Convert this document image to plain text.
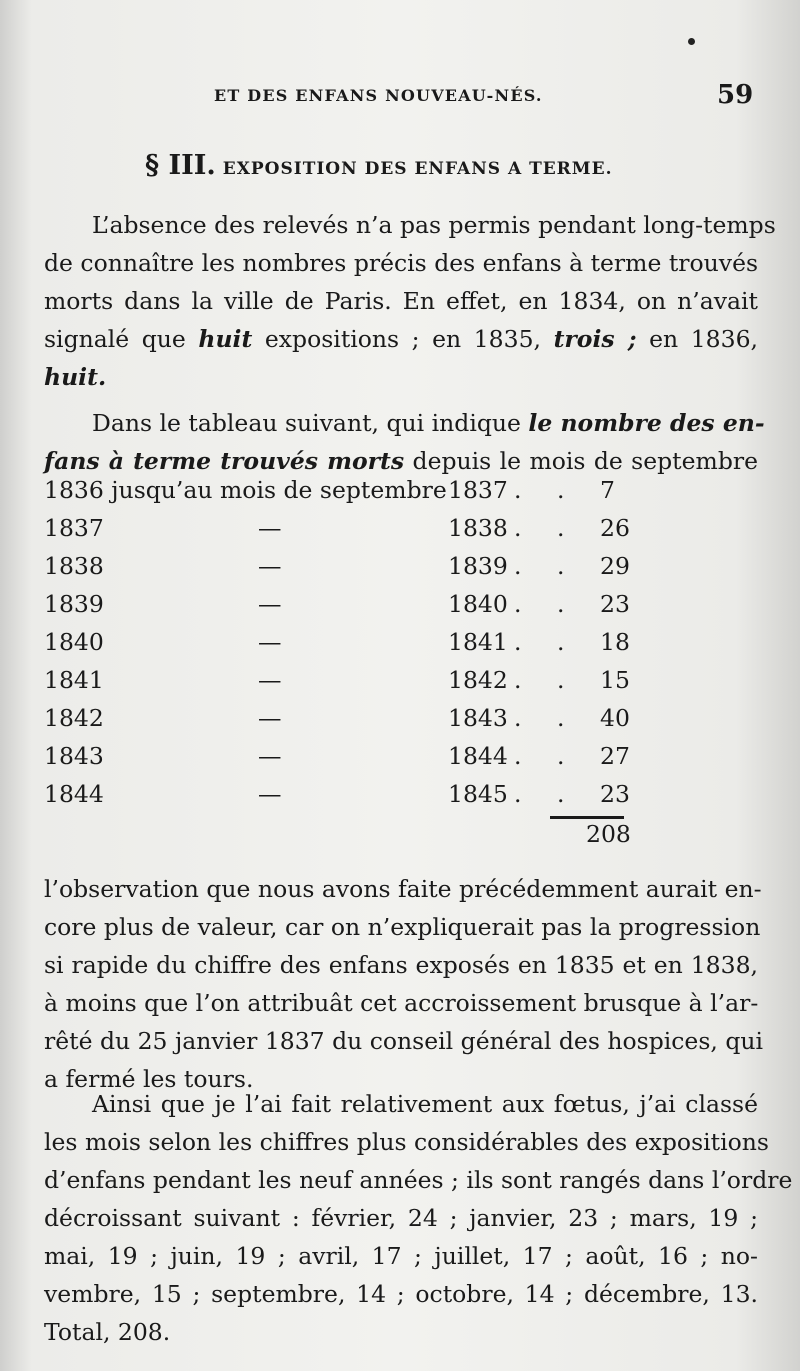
ET DES ENFANS NOUVEAU-NÉS.	59
§ III. EXPOSITION DES ENFANS A TERME.
L’absence des relevés n’a pas permis pendant long-temps
de connaître les nombres précis des enfans à terme trouvés
morts dans la ville de Paris. En effet, en 1834, on n’avait
signalé que huit expositions ; en 1835, trois ; en 1836,
huit.
Dans le tableau suivant, qui indique le nombre des en-
fans à terme trouvés morts depuis le mois de septembre
1836 jusqu’au mois de septembre 1837 . . 7
1837	—	1838 . . 26
1838	—	1839 . . 29
1839	—	1840 . . 23
1840	—	1841 . . 18
1841	—	1842 . . 15
1842	—	1843 . . 40
1843	—	1844 . . 27
1844	—	1845 . . 23
208
l’observation que nous avons faite précédemment aurait en-
core plus de valeur, car on n’expliquerait pas la progression
si rapide du chiffre des enfans exposés en 1835 et en 1838,
à moins que l’on attribuât cet accroissement brusque à l’ar-
rêté du 25 janvier 1837 du conseil général des hospices, qui
a fermé les tours.
Ainsi que je l’ai fait relativement aux fœtus, j’ai classé
les mois selon les chiffres plus considérables des expositions
d’enfans pendant les neuf années ; ils sont rangés dans l’ordre
décroissant suivant : février, 24 ; janvier, 23 ; mars, 19 ;
mai, 19 ; juin, 19 ; avril, 17 ; juillet, 17 ; août, 16 ; no-
vembre, 15 ; septembre, 14 ; octobre, 14 ; décembre, 13.
Total, 208.
